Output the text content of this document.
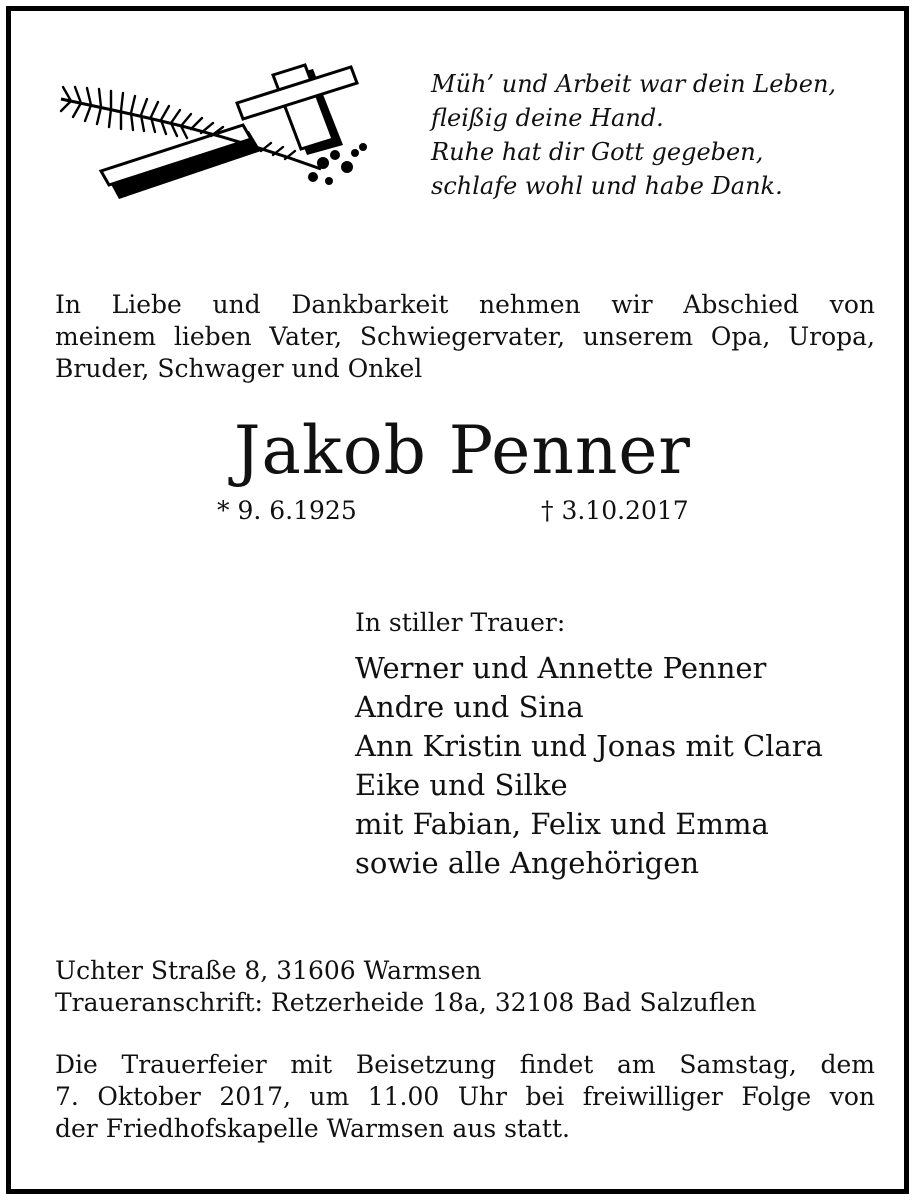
Müh’ und Arbeit war dein Leben,
fleißig deine Hand.
Ruhe hat dir Gott gegeben,
schlafe wohl und habe Dank.
In Liebe und Dankbarkeit nehmen wir Abschied von
meinem lieben Vater, Schwiegervater, unserem Opa, Uropa,
Bruder, Schwager und Onkel
Jakob Penner
* 9. 6.1925	† 3.10.2017
In stiller Trauer:
Werner und Annette Penner
Andre und Sina
Ann Kristin und Jonas mit Clara
Eike und Silke
mit Fabian, Felix und Emma
sowie alle Angehörigen
Uchter Straße 8, 31606 Warmsen
Traueranschrift: Retzerheide 18a, 32108 Bad Salzuflen
Die Trauerfeier mit Beisetzung findet am Samstag, dem
7. Oktober 2017, um 11.00 Uhr bei freiwilliger Folge von
der Friedhofskapelle Warmsen aus statt.
